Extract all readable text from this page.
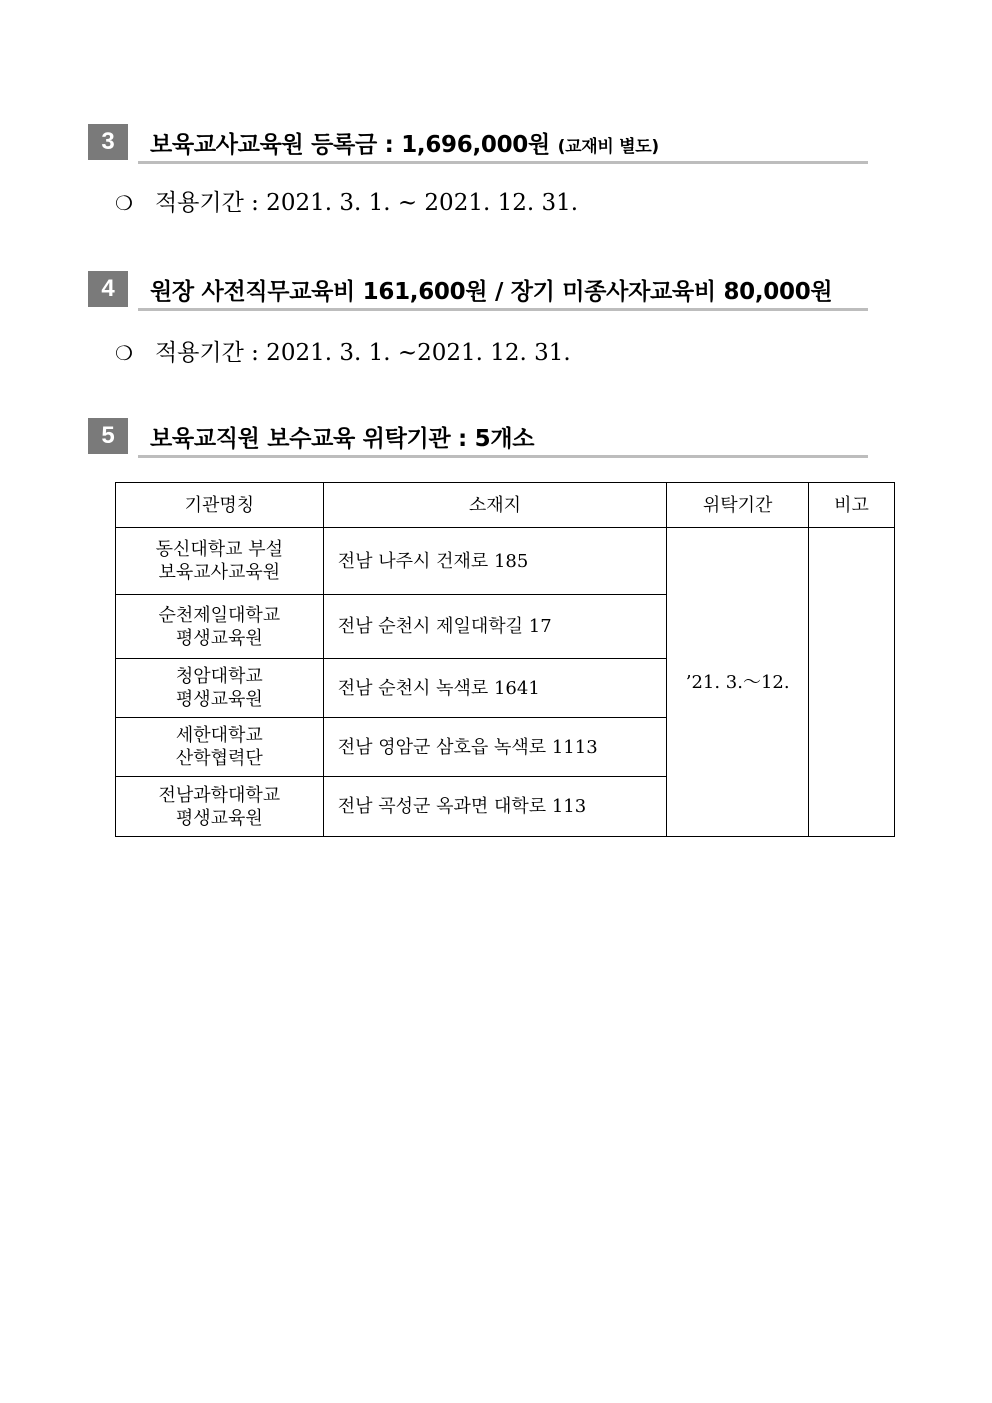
3	보육교사교육원 등록금 : 1,696,000원 (교재비 별도)
❍ 적용기간 : 2021. 3. 1. ~ 2021. 12. 31.
4	원장 사전직무교육비 161,600원 / 장기 미종사자교육비 80,000원
❍ 적용기간 : 2021. 3. 1. ~2021. 12. 31.
5	보육교직원 보수교육 위탁기관 : 5개소
기관명칭	소재지	위탁기간	비고

동신대학교 부설
보육교사교육원	전남 나주시 건재로 185	’21. 3.～12.	

순천제일대학교
평생교육원	전남 순천시 제일대학길 17		

청암대학교
평생교육원	전남 순천시 녹색로 1641		

세한대학교
산학협력단	전남 영암군 삼호읍 녹색로 1113		

전남과학대학교
평생교육원	전남 곡성군 옥과면 대학로 113		
